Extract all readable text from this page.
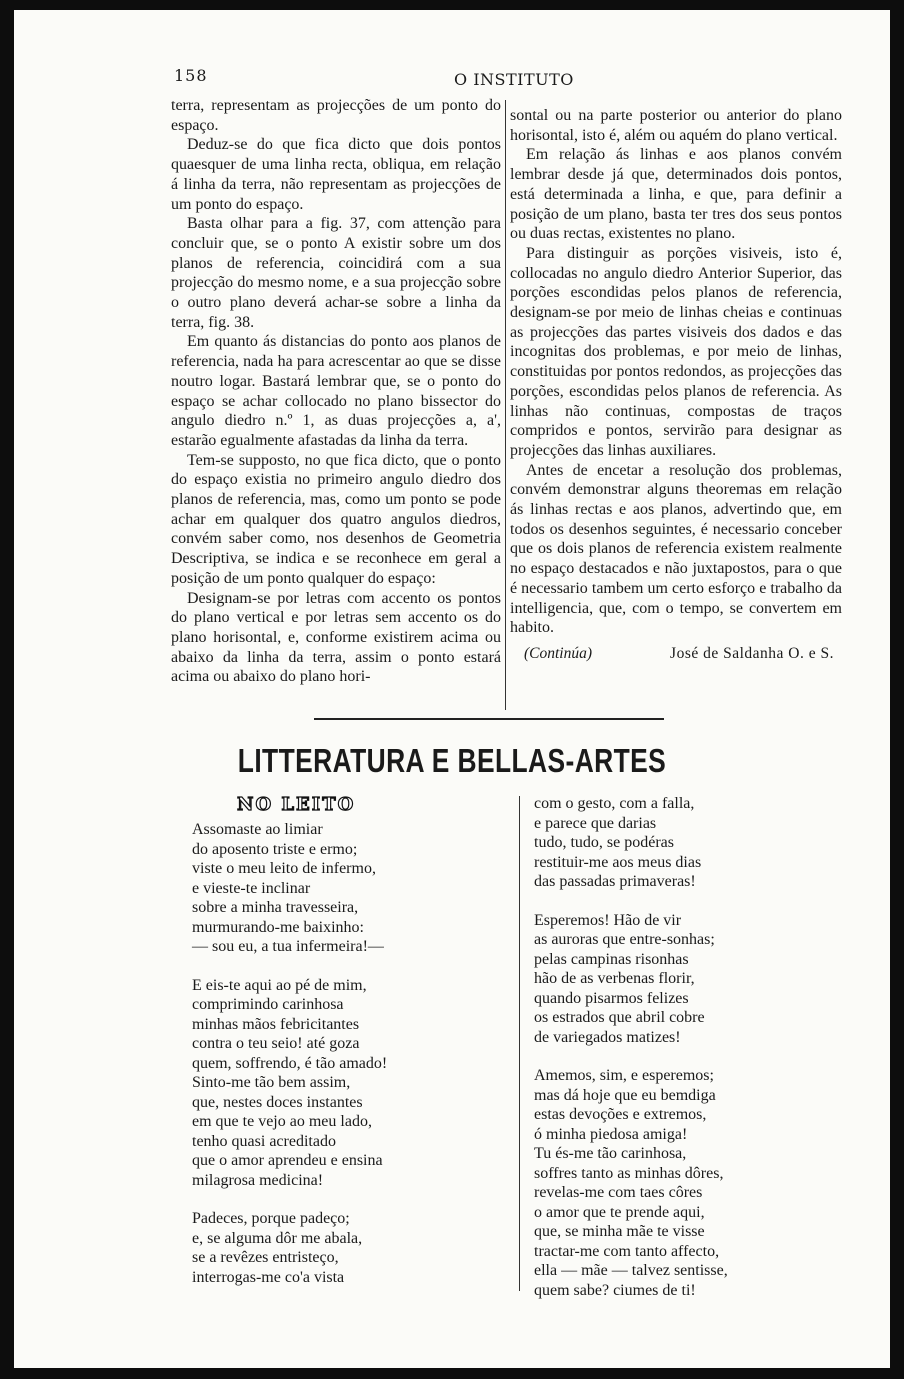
158	O INSTITUTO

terra, representam as projecções de um ponto do espaço.

Deduz-se do que fica dicto que dois pontos quaesquer de uma linha recta, obliqua, em relação á linha da terra, não representam as projecções de um ponto do espaço.

Basta olhar para a fig. 37, com attenção para concluir que, se o ponto A existir sobre um dos planos de referencia, coincidirá com a sua projecção do mesmo nome, e a sua projecção sobre o outro plano deverá achar-se sobre a linha da terra, fig. 38.

Em quanto ás distancias do ponto aos planos de referencia, nada ha para acrescentar ao que se disse noutro logar. Bastará lembrar que, se o ponto do espaço se achar collocado no plano bissector do angulo diedro n.º 1, as duas projecções a, a', estarão egualmente afastadas da linha da terra.

Tem-se supposto, no que fica dicto, que o ponto do espaço existia no primeiro angulo diedro dos planos de referencia, mas, como um ponto se pode achar em qualquer dos quatro angulos diedros, convém saber como, nos desenhos de Geometria Descriptiva, se indica e se reconhece em geral a posição de um ponto qualquer do espaço:

Designam-se por letras com accento os pontos do plano vertical e por letras sem accento os do plano horisontal, e, conforme existirem acima ou abaixo da linha da terra, assim o ponto estará acima ou abaixo do plano hori-

sontal ou na parte posterior ou anterior do plano horisontal, isto é, além ou aquém do plano vertical.

Em relação ás linhas e aos planos convém lembrar desde já que, determinados dois pontos, está determinada a linha, e que, para definir a posição de um plano, basta ter tres dos seus pontos ou duas rectas, existentes no plano.

Para distinguir as porções visiveis, isto é, collocadas no angulo diedro Anterior Superior, das porções escondidas pelos planos de referencia, designam-se por meio de linhas cheias e continuas as projecções das partes visiveis dos dados e das incognitas dos problemas, e por meio de linhas, constituidas por pontos redondos, as projecções das porções, escondidas pelos planos de referencia. As linhas não continuas, compostas de traços compridos e pontos, servirão para designar as projecções das linhas auxiliares.

Antes de encetar a resolução dos problemas, convém demonstrar alguns theoremas em relação ás linhas rectas e aos planos, advertindo que, em todos os desenhos seguintes, é necessario conceber que os dois planos de referencia existem realmente no espaço destacados e não juxtapostos, para o que é necessario tambem um certo esforço e trabalho da intelligencia, que, com o tempo, se convertem em habito.

(Continúa)	José de Saldanha O. e S.
LITTERATURA E BELLAS-ARTES
NO LEITO
Assomaste ao limiar
do aposento triste e ermo;
viste o meu leito de infermo,
e vieste-te inclinar
sobre a minha travesseira,
murmurando-me baixinho:
— sou eu, a tua infermeira!—
E eis-te aqui ao pé de mim,
comprimindo carinhosa
minhas mãos febricitantes
contra o teu seio! até goza
quem, soffrendo, é tão amado!
Sinto-me tão bem assim,
que, nestes doces instantes
em que te vejo ao meu lado,
tenho quasi acreditado
que o amor aprendeu e ensina
milagrosa medicina!
Padeces, porque padeço;
e, se alguma dôr me abala,
se a revêzes entristeço,
interrogas-me co'a vista
com o gesto, com a falla,
e parece que darias
tudo, tudo, se podéras
restituir-me aos meus dias
das passadas primaveras!
Esperemos! Hão de vir
as auroras que entre-sonhas;
pelas campinas risonhas
hão de as verbenas florir,
quando pisarmos felizes
os estrados que abril cobre
de variegados matizes!
Amemos, sim, e esperemos;
mas dá hoje que eu bemdiga
estas devoções e extremos,
ó minha piedosa amiga!
Tu és-me tão carinhosa,
soffres tanto as minhas dôres,
revelas-me com taes côres
o amor que te prende aqui,
que, se minha mãe te visse
tractar-me com tanto affecto,
ella — mãe — talvez sentisse,
quem sabe? ciumes de ti!
